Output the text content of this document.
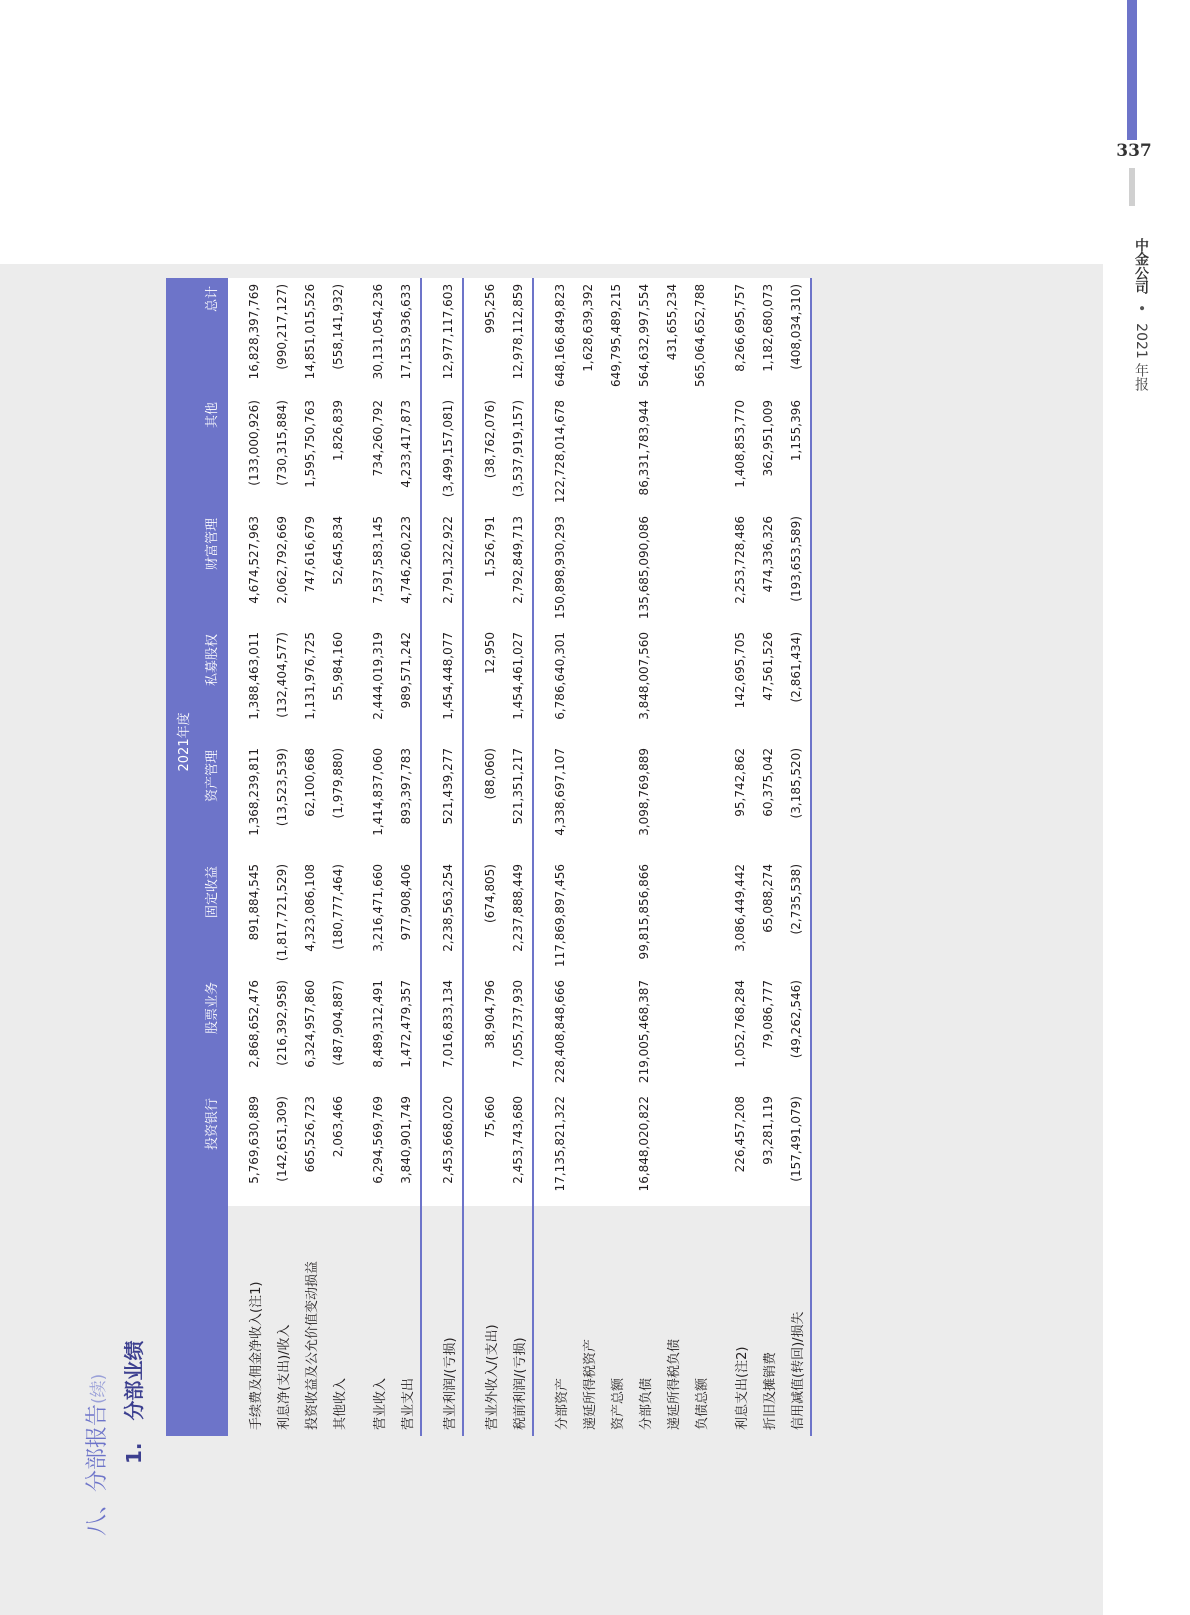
337
中金公司 • 2021 年报
八、分部报告(续)
1.分部业绩
	2021年度							
	投资银行	股票业务	固定收益	资产管理	私募股权	财富管理	其他	总计

手续费及佣金净收入(注1)	5,769,630,889	2,868,652,476	891,884,545	1,368,239,811	1,388,463,011	4,674,527,963	(133,000,926)	16,828,397,769
利息净(支出)/收入	(142,651,309)	(216,392,958)	(1,817,721,529)	(13,523,539)	(132,404,577)	2,062,792,669	(730,315,884)	(990,217,127)
投资收益及公允价值变动损益	665,526,723	6,324,957,860	4,323,086,108	62,100,668	1,131,976,725	747,616,679	1,595,750,763	14,851,015,526
其他收入	2,063,466	(487,904,887)	(180,777,464)	(1,979,880)	55,984,160	52,645,834	1,826,839	(558,141,932)

营业收入	6,294,569,769	8,489,312,491	3,216,471,660	1,414,837,060	2,444,019,319	7,537,583,145	734,260,792	30,131,054,236
营业支出	3,840,901,749	1,472,479,357	977,908,406	893,397,783	989,571,242	4,746,260,223	4,233,417,873	17,153,936,633

营业利润/(亏损)	2,453,668,020	7,016,833,134	2,238,563,254	521,439,277	1,454,448,077	2,791,322,922	(3,499,157,081)	12,977,117,603

营业外收入/(支出)	75,660	38,904,796	(674,805)	(88,060)	12,950	1,526,791	(38,762,076)	995,256
税前利润/(亏损)	2,453,743,680	7,055,737,930	2,237,888,449	521,351,217	1,454,461,027	2,792,849,713	(3,537,919,157)	12,978,112,859

分部资产	17,135,821,322	228,408,848,666	117,869,897,456	4,338,697,107	6,786,640,301	150,898,930,293	122,728,014,678	648,166,849,823
递延所得税资产								1,628,639,392
资产总额								649,795,489,215
分部负债	16,848,020,822	219,005,468,387	99,815,856,866	3,098,769,889	3,848,007,560	135,685,090,086	86,331,783,944	564,632,997,554
递延所得税负债								431,655,234
负债总额								565,064,652,788

利息支出(注2)	226,457,208	1,052,768,284	3,086,449,442	95,742,862	142,695,705	2,253,728,486	1,408,853,770	8,266,695,757
折旧及摊销费	93,281,119	79,086,777	65,088,274	60,375,042	47,561,526	474,336,326	362,951,009	1,182,680,073
信用减值(转回)/损失	(157,491,079)	(49,262,546)	(2,735,538)	(3,185,520)	(2,861,434)	(193,653,589)	1,155,396	(408,034,310)
